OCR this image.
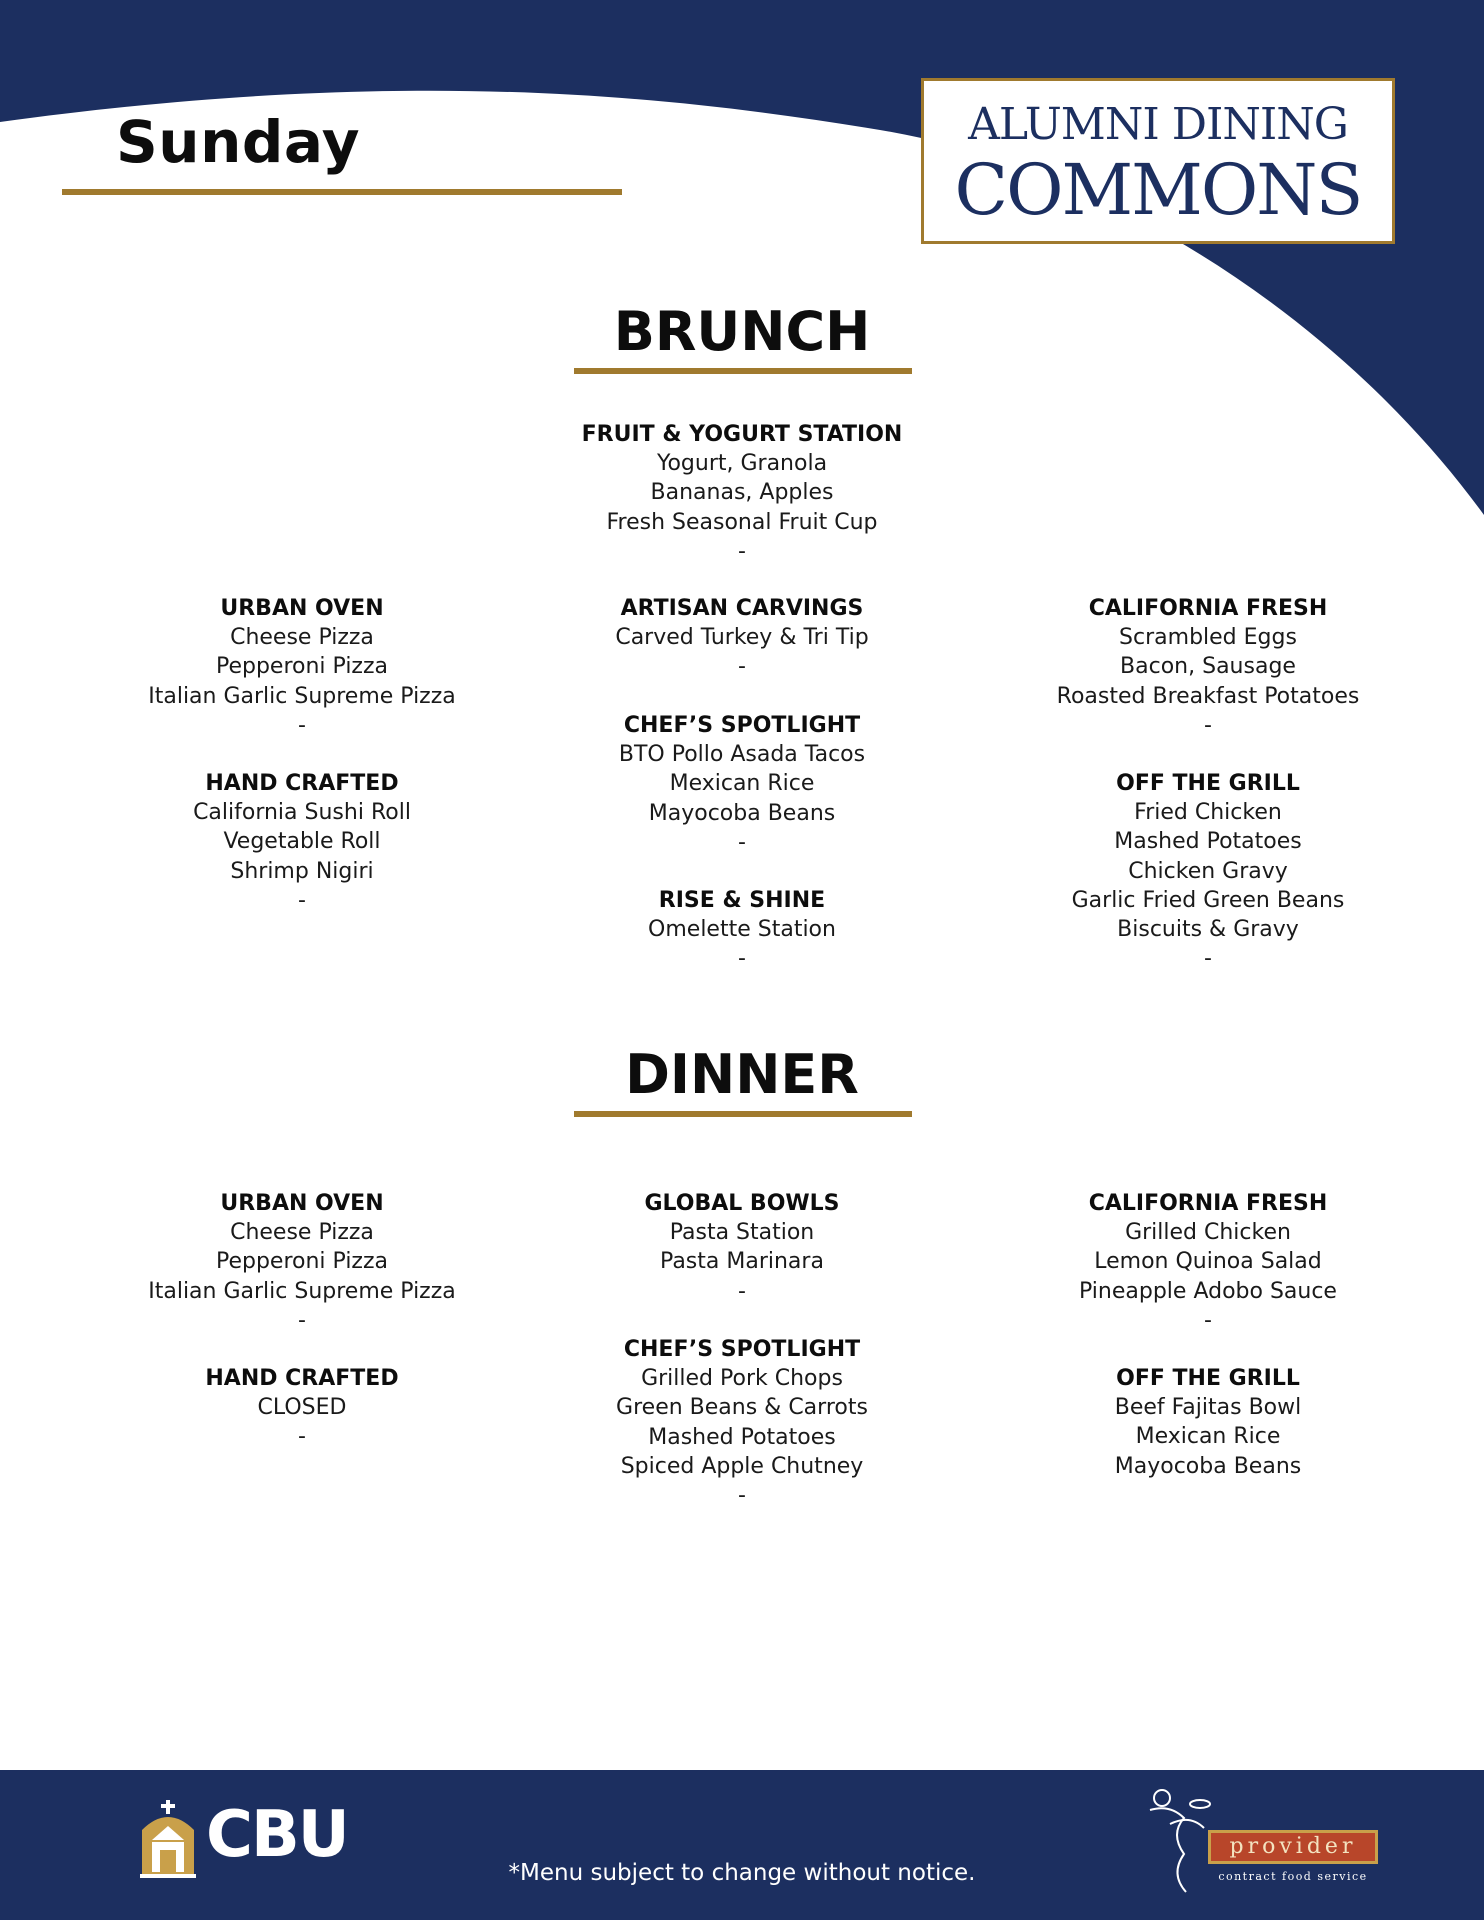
Sunday	ALUMNI DINING
COMMONS
BRUNCH
FRUIT & YOGURT STATION
Yogurt, Granola
Bananas, Apples
Fresh Seasonal Fruit Cup
-
URBAN OVEN
Cheese Pizza
Pepperoni Pizza
Italian Garlic Supreme Pizza
-
HAND CRAFTED
California Sushi Roll
Vegetable Roll
Shrimp Nigiri
-
ARTISAN CARVINGS
Carved Turkey & Tri Tip
-
CHEF’S SPOTLIGHT
BTO Pollo Asada Tacos
Mexican Rice
Mayocoba Beans
-
RISE & SHINE
Omelette Station
-
CALIFORNIA FRESH
Scrambled Eggs
Bacon, Sausage
Roasted Breakfast Potatoes
-
OFF THE GRILL
Fried Chicken
Mashed Potatoes
Chicken Gravy
Garlic Fried Green Beans
Biscuits & Gravy
-
DINNER
URBAN OVEN
Cheese Pizza
Pepperoni Pizza
Italian Garlic Supreme Pizza
-
HAND CRAFTED
CLOSED
-
GLOBAL BOWLS
Pasta Station
Pasta Marinara
-
CHEF’S SPOTLIGHT
Grilled Pork Chops
Green Beans & Carrots
Mashed Potatoes
Spiced Apple Chutney
-
CALIFORNIA FRESH
Grilled Chicken
Lemon Quinoa Salad
Pineapple Adobo Sauce
-
OFF THE GRILL
Beef Fajitas Bowl
Mexican Rice
Mayocoba Beans
CBU
*Menu subject to change without notice.
provider
contract food service
